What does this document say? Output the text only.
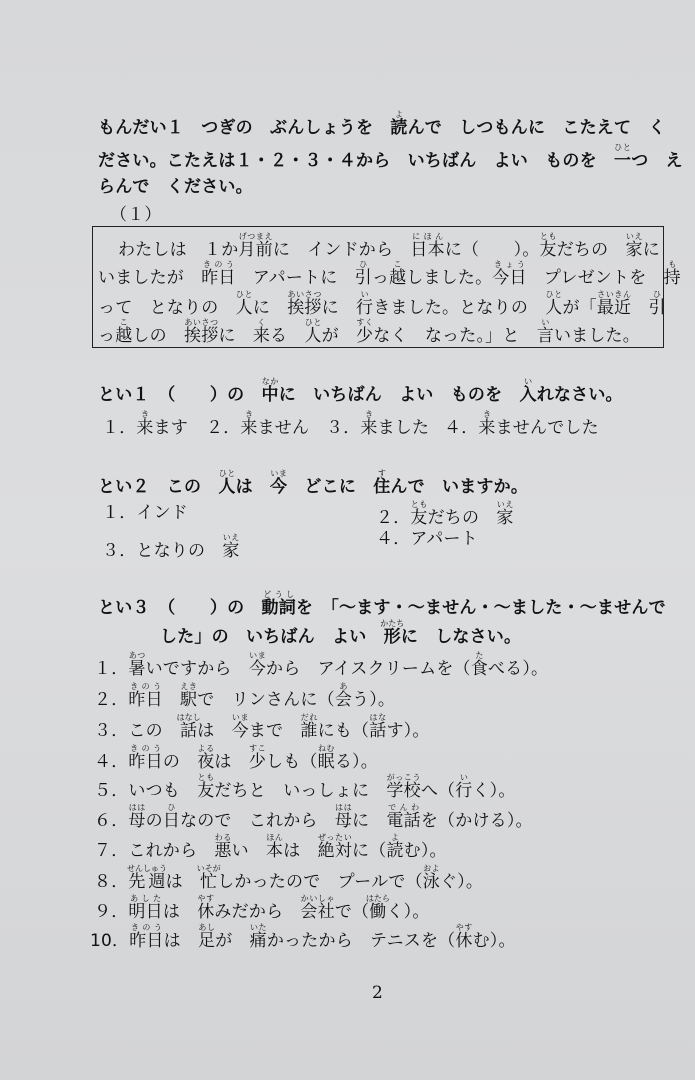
もんだい１　つぎの　ぶんしょうを　読よんで　しつもんに　こたえて　く
ださい。こたえは１・２・３・４から　いちばん　よい　ものを　一ひとつ　え
らんで　ください。
（１）
わたしは　１か月前げつまえに　インドから　日本にほんに（　　）。友ともだちの　家いえに
いましたが　昨日きのう　アパートに　引ひっ越こしました。今日きょう　プレゼントを　持も
って　となりの　人ひとに　挨拶あいさつに　行いきました。となりの　人ひとが「最近さいきん　引ひ
っ越こしの　挨拶あいさつに　来くる　人ひとが　少すくなく　なった。」と　言いいました。
とい１　（　　）の　中なかに　いちばん　よい　ものを　入いれなさい。
１．来きます ２．来きません ３．来きました ４．来きませんでした
とい２　この　人ひとは　今いま　どこに　住すんで　いますか。
１．インド	２．友ともだちの　家いえ
３．となりの　家いえ	４．アパート
とい３　（　　）の　動詞どうしを　「〜ます・〜ません・〜ました・〜ませんで
した」の　いちばん　よい　形かたちに　しなさい。
１．暑あついですから　今いまから　アイスクリームを（食たべる）。
２．昨日きのう　駅えきで　リンさんに（会あう）。
３．この　話はなしは　今いままで　誰だれにも（話はなす）。
４．昨日きのうの　夜よるは　少すこしも（眠ねむる）。
５．いつも　友ともだちと　いっしょに　学校がっこうへ（行いく）。
６．母ははの日ひなので　これから　母ははに　電話でんわを（かける）。
７．これから　悪わるい　本ほんは　絶対ぜったいに（読よむ）。
８．先週せんしゅうは　忙いそがしかったので　プールで（泳およぐ）。
９．明日あしたは　休やすみだから　会社かいしゃで（働はたらく）。
10．昨日きのうは　足あしが　痛いたかったから　テニスを（休やすむ）。
2
